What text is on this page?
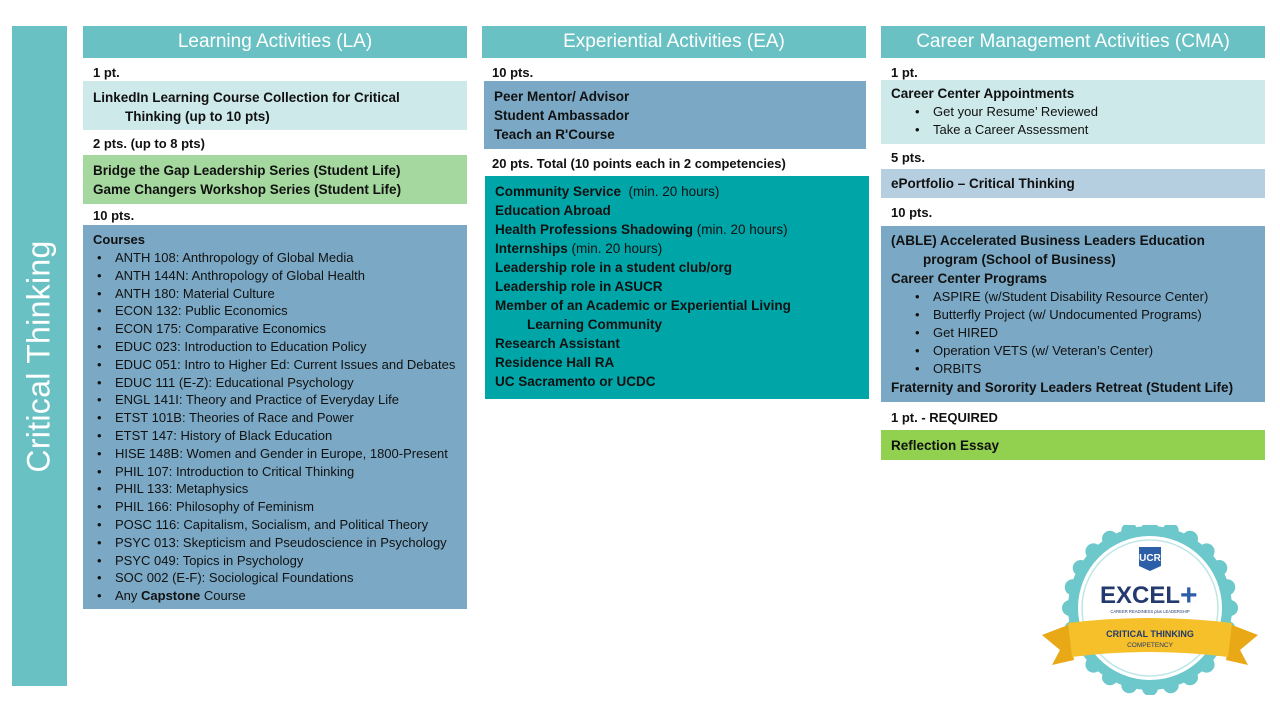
Critical Thinking
Learning Activities (LA)
1 pt.
LinkedIn Learning Course Collection for Critical
Thinking (up to 10 pts)
2 pts. (up to 8 pts)
Bridge the Gap Leadership Series (Student Life)
Game Changers Workshop Series (Student Life)
10 pts.
Courses
• ANTH 108: Anthropology of Global Media
• ANTH 144N: Anthropology of Global Health
• ANTH 180: Material Culture
• ECON 132: Public Economics
• ECON 175: Comparative Economics
• EDUC 023: Introduction to Education Policy
• EDUC 051: Intro to Higher Ed: Current Issues and Debates
• EDUC 111 (E-Z): Educational Psychology
• ENGL 141I: Theory and Practice of Everyday Life
• ETST 101B: Theories of Race and Power
• ETST 147: History of Black Education
• HISE 148B: Women and Gender in Europe, 1800-Present
• PHIL 107: Introduction to Critical Thinking
• PHIL 133: Metaphysics
• PHIL 166: Philosophy of Feminism
• POSC 116: Capitalism, Socialism, and Political Theory
• PSYC 013: Skepticism and Pseudoscience in Psychology
• PSYC 049: Topics in Psychology
• SOC 002 (E-F): Sociological Foundations
• Any Capstone Course
Experiential Activities (EA)
10 pts.
Peer Mentor/ Advisor
Student Ambassador
Teach an R'Course
20 pts. Total (10 points each in 2 competencies)
Community Service  (min. 20 hours)
Education Abroad
Health Professions Shadowing (min. 20 hours)
Internships (min. 20 hours)
Leadership role in a student club/org
Leadership role in ASUCR
Member of an Academic or Experiential Living
Learning Community
Research Assistant
Residence Hall RA
UC Sacramento or UCDC
Career Management Activities (CMA)
1 pt.
Career Center Appointments
• Get your Resume’ Reviewed
• Take a Career Assessment
5 pts.
ePortfolio – Critical Thinking
10 pts.
(ABLE) Accelerated Business Leaders Education
program (School of Business)
Career Center Programs
• ASPIRE (w/Student Disability Resource Center)
• Butterfly Project (w/ Undocumented Programs)
• Get HIRED
• Operation VETS (w/ Veteran’s Center)
• ORBITS
Fraternity and Sorority Leaders Retreat (Student Life)
1 pt. - REQUIRED
Reflection Essay
UCR
EXCEL +
CAREER READINESS plus LEADERSHIP
CRITICAL THINKING
COMPETENCY
